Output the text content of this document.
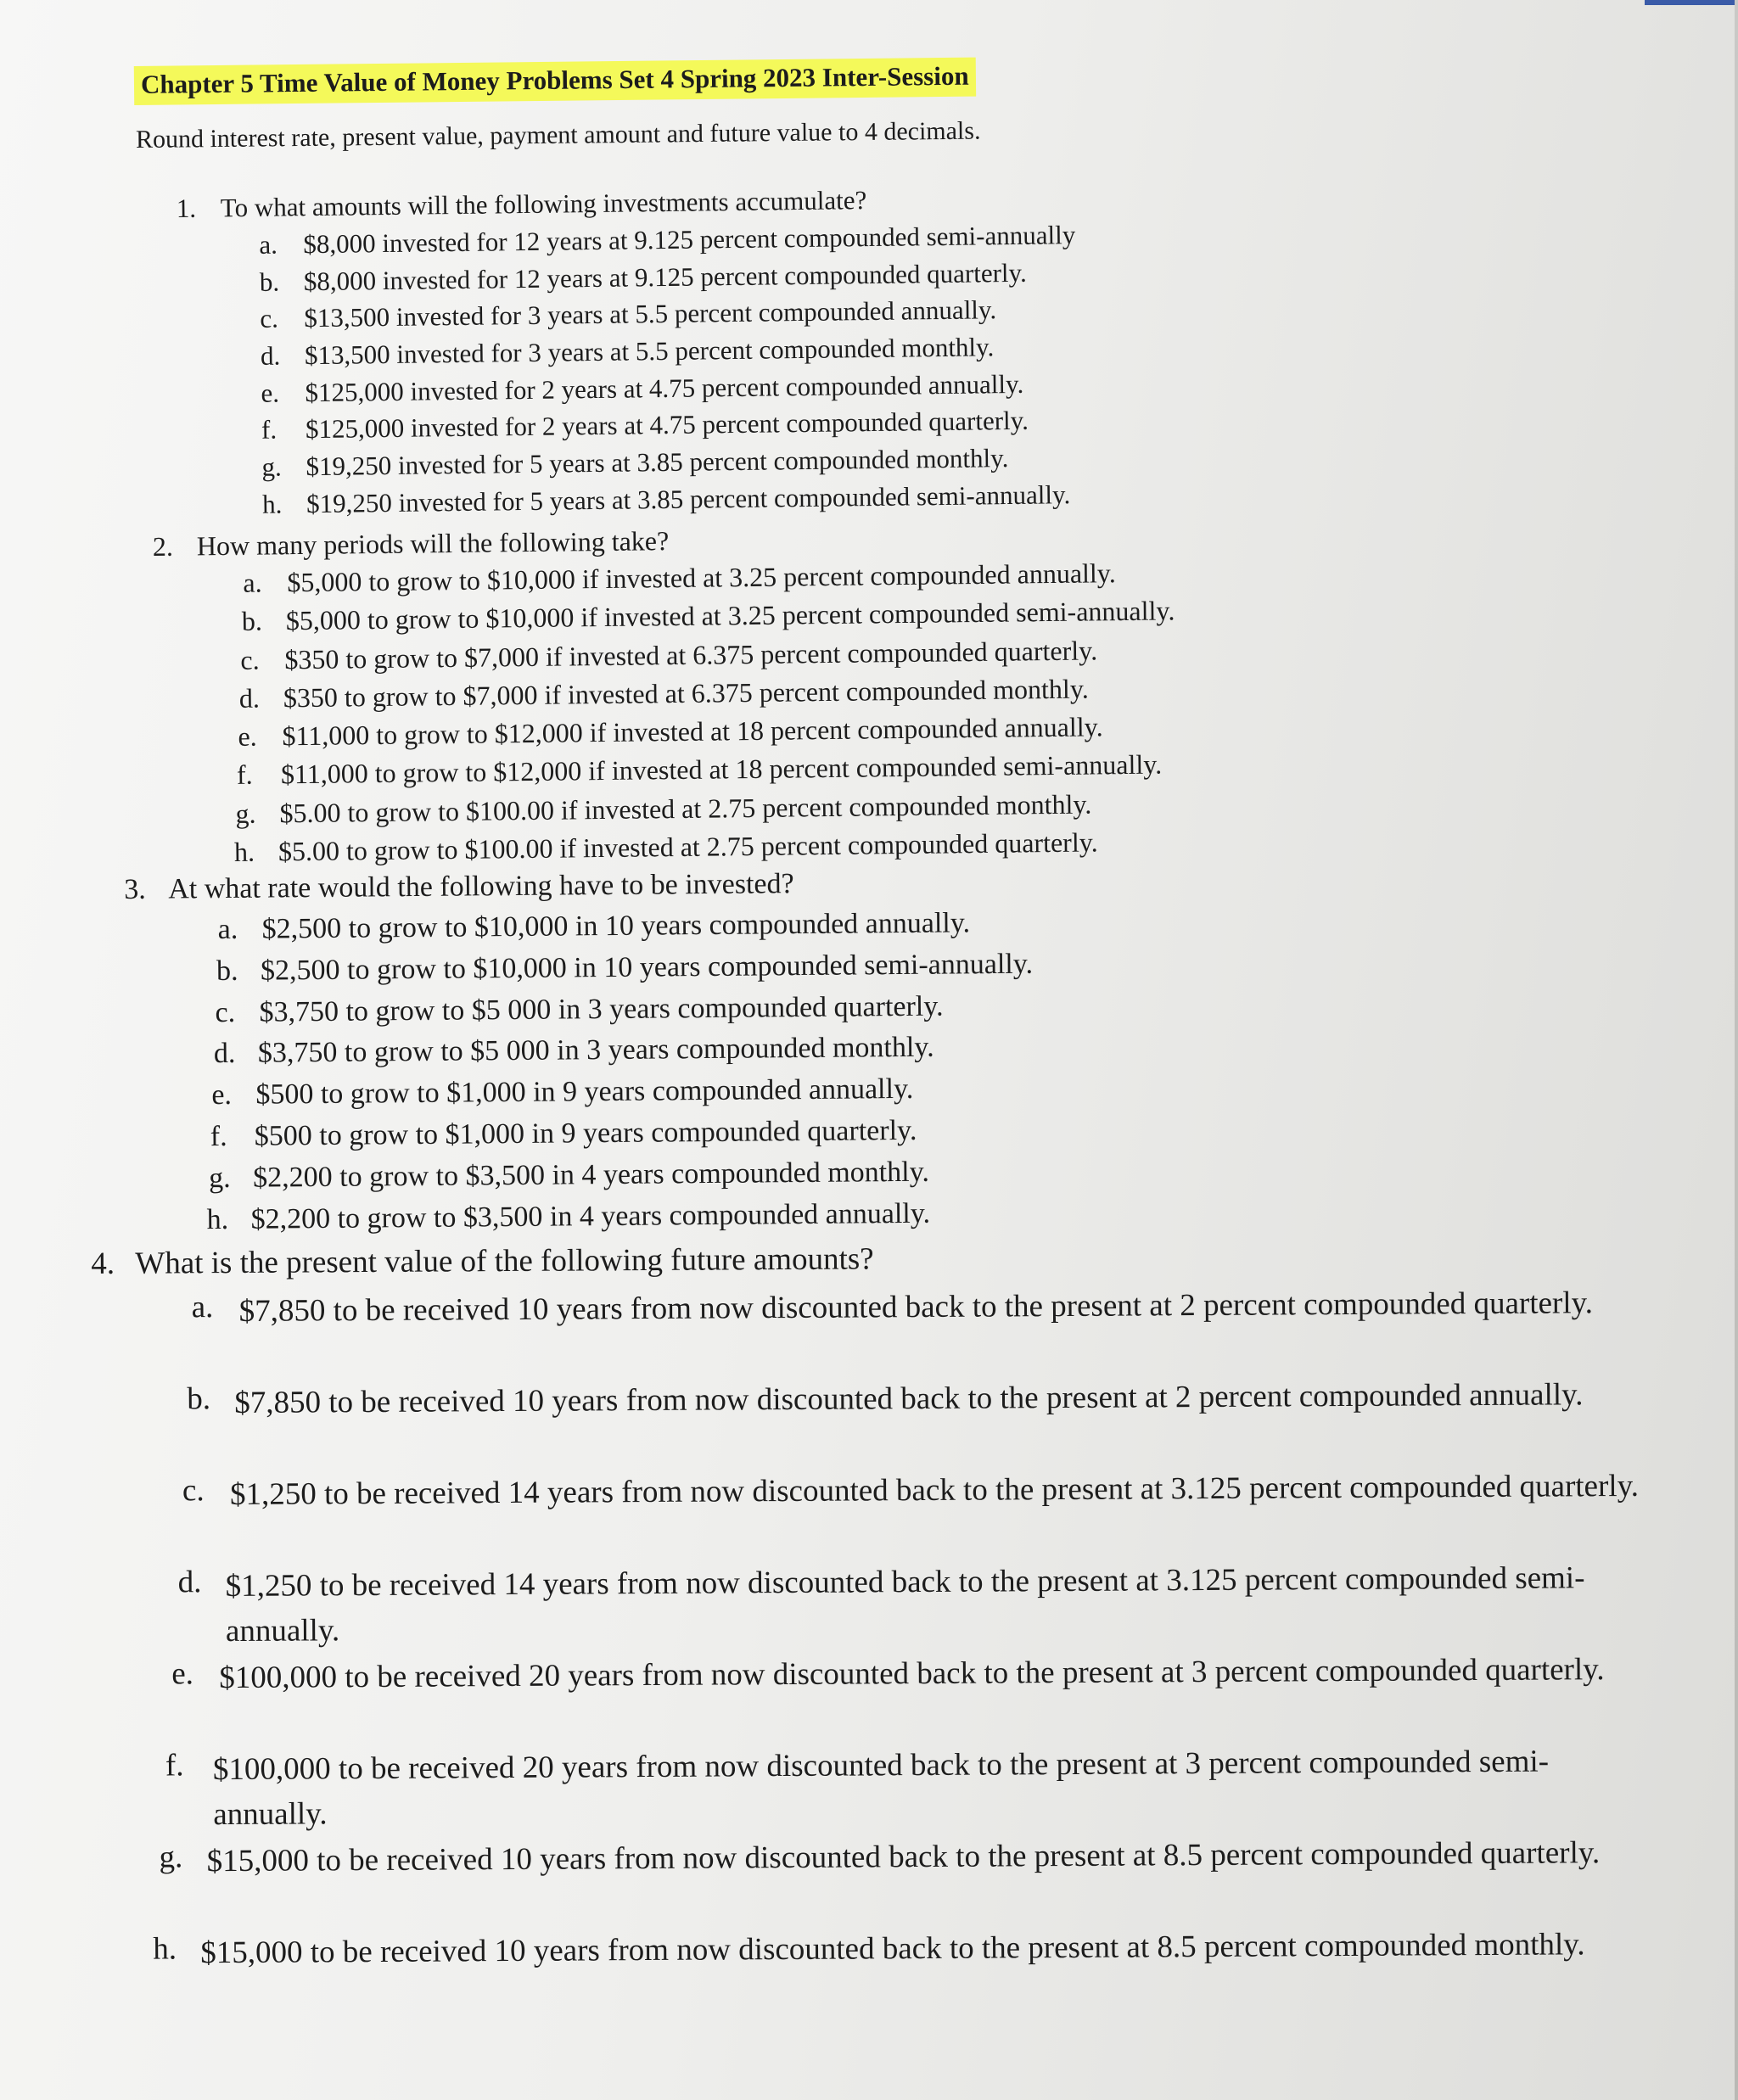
Chapter 5 Time Value of Money Problems Set 4 Spring 2023 Inter-Session
Round interest rate, present value, payment amount and future value to 4 decimals.
1. To what amounts will the following investments accumulate?
a. $8,000 invested for 12 years at 9.125 percent compounded semi-annually
b. $8,000 invested for 12 years at 9.125 percent compounded quarterly.
c. $13,500 invested for 3 years at 5.5 percent compounded annually.
d. $13,500 invested for 3 years at 5.5 percent compounded monthly.
e. $125,000 invested for 2 years at 4.75 percent compounded annually.
f.	$125,000 invested for 2 years at 4.75 percent compounded quarterly.
g. $19,250 invested for 5 years at 3.85 percent compounded monthly.
h. $19,250 invested for 5 years at 3.85 percent compounded semi-annually.
2. How many periods will the following take?
a. $5,000 to grow to $10,000 if invested at 3.25 percent compounded annually.
b. $5,000 to grow to $10,000 if invested at 3.25 percent compounded semi-annually.
c. $350 to grow to $7,000 if invested at 6.375 percent compounded quarterly.
d. $350 to grow to $7,000 if invested at 6.375 percent compounded monthly.
e. $11,000 to grow to $12,000 if invested at 18 percent compounded annually.
f.	$11,000 to grow to $12,000 if invested at 18 percent compounded semi-annually.
g. $5.00 to grow to $100.00 if invested at 2.75 percent compounded monthly.
h. $5.00 to grow to $100.00 if invested at 2.75 percent compounded quarterly.
3. At what rate would the following have to be invested?
a. $2,500 to grow to $10,000 in 10 years compounded annually.
b. $2,500 to grow to $10,000 in 10 years compounded semi-annually.
c. $3,750 to grow to $5 000 in 3 years compounded quarterly.
d. $3,750 to grow to $5 000 in 3 years compounded monthly.
e. $500 to grow to $1,000 in 9 years compounded annually.
f. $500 to grow to $1,000 in 9 years compounded quarterly.
g. $2,200 to grow to $3,500 in 4 years compounded monthly.
h. $2,200 to grow to $3,500 in 4 years compounded annually.
4. What is the present value of the following future amounts?
a. $7,850 to be received 10 years from now discounted back to the present at 2 percent compounded quarterly.
b. $7,850 to be received 10 years from now discounted back to the present at 2 percent compounded annually.
c. $1,250 to be received 14 years from now discounted back to the present at 3.125 percent compounded quarterly.
d. $1,250 to be received 14 years from now discounted back to the present at 3.125 percent compounded semi-annually.
e. $100,000 to be received 20 years from now discounted back to the present at 3 percent compounded quarterly.
f. $100,000 to be received 20 years from now discounted back to the present at 3 percent compounded semi-annually.
g. $15,000 to be received 10 years from now discounted back to the present at 8.5 percent compounded quarterly.
h. $15,000 to be received 10 years from now discounted back to the present at 8.5 percent compounded monthly.
